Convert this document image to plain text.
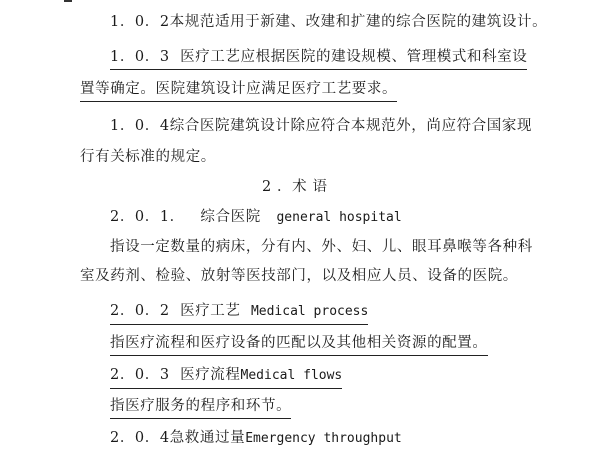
1．0．2本规范适用于新建、改建和扩建的综合医院的建筑设计。
1．0．3 医疗工艺应根据医院的建设规模、管理模式和科室设
置等确定。医院建筑设计应满足医疗工艺要求。
1．0．4综合医院建筑设计除应符合本规范外，尚应符合国家现
行有关标准的规定。
2 ．术 语
2．0．1． 综合医院 general hospital
指设一定数量的病床，分有内、外、妇、儿、眼耳鼻喉等各种科
室及药剂、检验、放射等医技部门，以及相应人员、设备的医院。
2．0．2 医疗工艺 Medical process
指医疗流程和医疗设备的匹配以及其他相关资源的配置。
2．0．3 医疗流程Medical flows
指医疗服务的程序和环节。
2．0．4急救通过量Emergency throughput
